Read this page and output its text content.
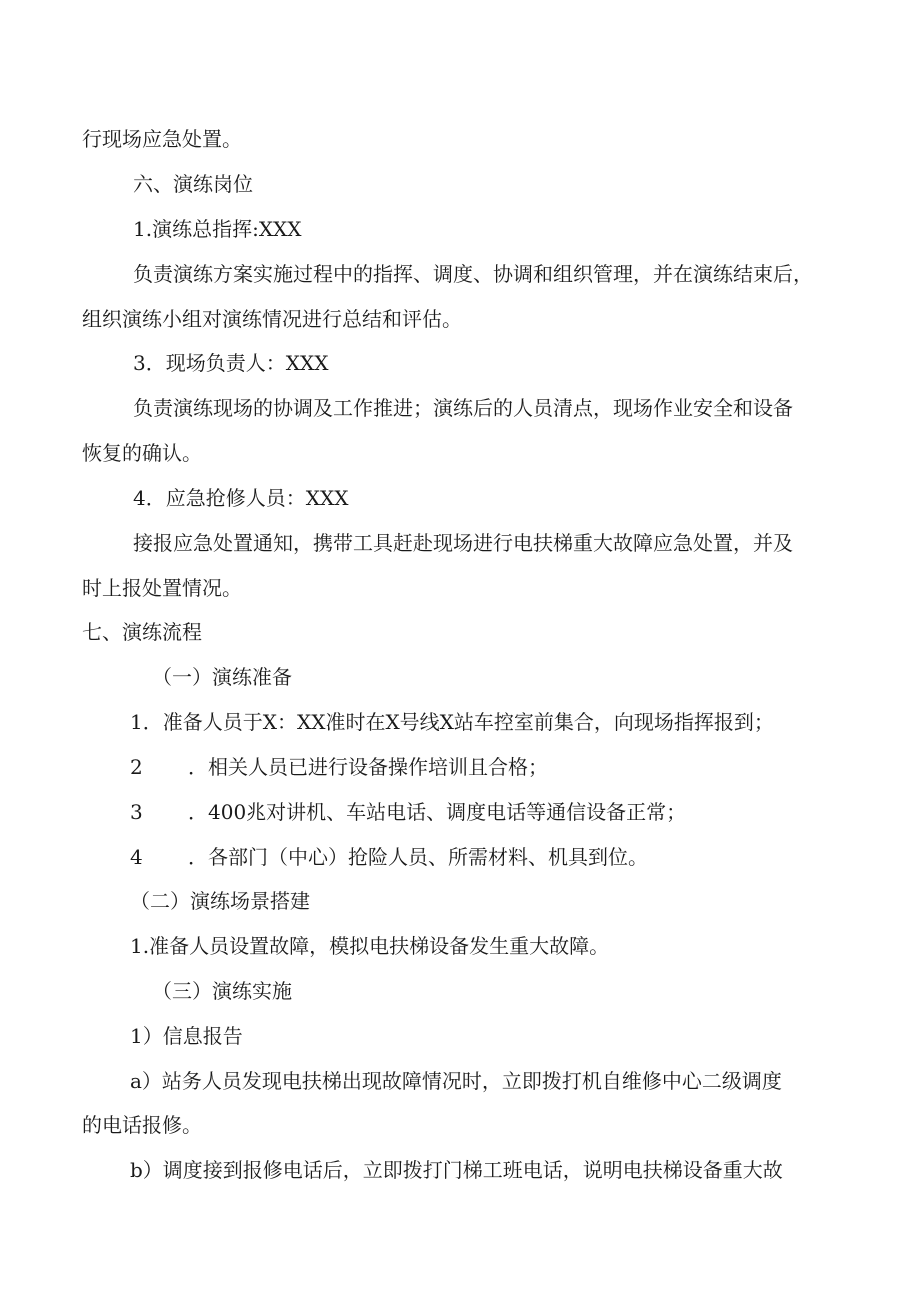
行现场应急处置。

六、演练岗位

1.演练总指挥:XXX

负责演练方案实施过程中的指挥、调度、协调和组织管理，并在演练结束后，

组织演练小组对演练情况进行总结和评估。

3．现场负责人：XXX

负责演练现场的协调及工作推进；演练后的人员清点，现场作业安全和设备

恢复的确认。

4．应急抢修人员：XXX

接报应急处置通知，携带工具赶赴现场进行电扶梯重大故障应急处置，并及

时上报处置情况。

七、演练流程

（一）演练准备

1．准备人员于X：XX准时在X号线X站车控室前集合，向现场指挥报到；

2 ．相关人员已进行设备操作培训且合格；

3 ．400兆对讲机、车站电话、调度电话等通信设备正常；

4 ．各部门（中心）抢险人员、所需材料、机具到位。

（二）演练场景搭建

1.准备人员设置故障，模拟电扶梯设备发生重大故障。

（三）演练实施

1）信息报告

a）站务人员发现电扶梯出现故障情况时，立即拨打机自维修中心二级调度

的电话报修。

b）调度接到报修电话后，立即拨打门梯工班电话，说明电扶梯设备重大故
